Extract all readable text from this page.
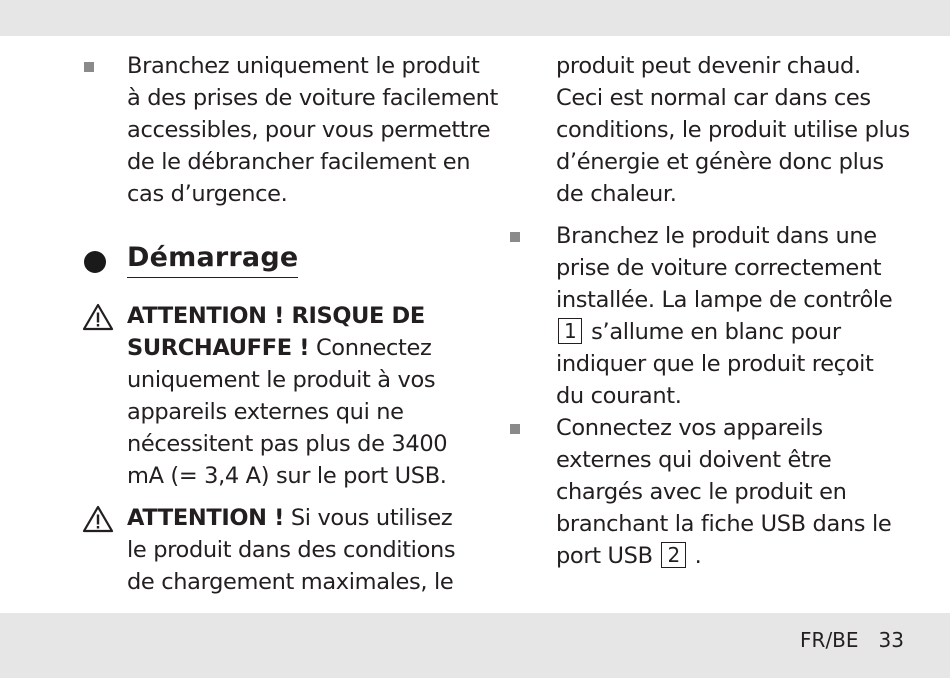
Branchez uniquement le produit
à des prises de voiture facilement
accessibles, pour vous permettre
de le débrancher facilement en
cas d’urgence.
Démarrage
ATTENTION ! RISQUE DE
SURCHAUFFE ! Connectez
uniquement le produit à vos
appareils externes qui ne
nécessitent pas plus de 3400
mA (= 3,4 A) sur le port USB.
ATTENTION ! Si vous utilisez
le produit dans des conditions
de chargement maximales, le
produit peut devenir chaud.
Ceci est normal car dans ces
conditions, le produit utilise plus
d’énergie et génère donc plus
de chaleur.
Branchez le produit dans une
prise de voiture correctement
installée. La lampe de contrôle
1 s’allume en blanc pour
indiquer que le produit reçoit
du courant.
Connectez vos appareils
externes qui doivent être
chargés avec le produit en
branchant la fiche USB dans le
port USB 2 .
FR/BE 33
